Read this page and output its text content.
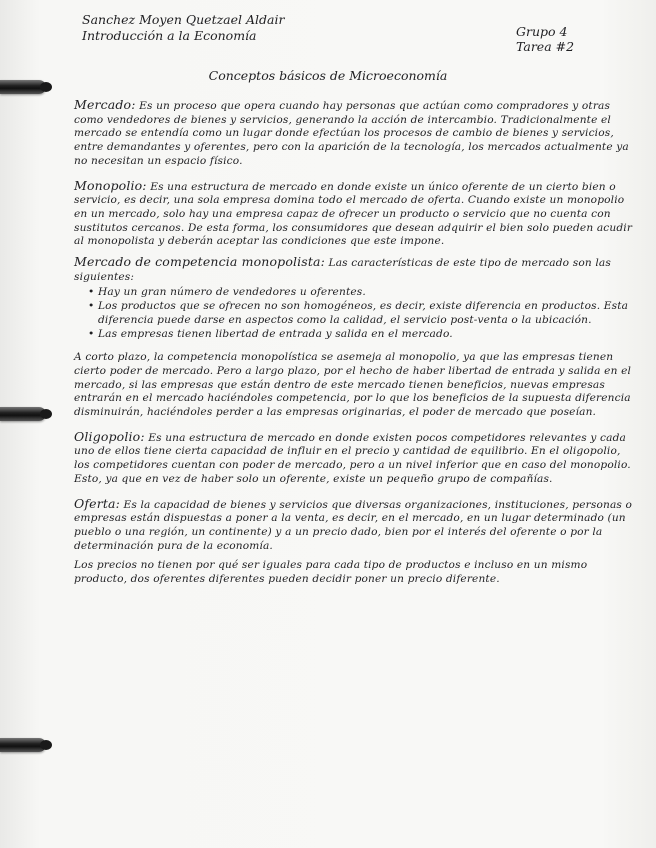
Sanchez Moyen Quetzael Aldair
Introducción a la Economía	Grupo 4
Tarea #2
Conceptos básicos de Microeconomía

Mercado: Es un proceso que opera cuando hay personas que actúan como compradores y otras como vendedores de bienes y servicios, generando la acción de intercambio. Tradicionalmente el mercado se entendía como un lugar donde efectúan los procesos de cambio de bienes y servicios, entre demandantes y oferentes, pero con la aparición de la tecnología, los mercados actualmente ya no necesitan un espacio físico.

Monopolio: Es una estructura de mercado en donde existe un único oferente de un cierto bien o servicio, es decir, una sola empresa domina todo el mercado de oferta. Cuando existe un monopolio en un mercado, solo hay una empresa capaz de ofrecer un producto o servicio que no cuenta con sustitutos cercanos. De esta forma, los consumidores que desean adquirir el bien solo pueden acudir al monopolista y deberán aceptar las condiciones que este impone.

Mercado de competencia monopolista: Las características de este tipo de mercado son las siguientes:

• Hay un gran número de vendedores u oferentes.
• Los productos que se ofrecen no son homogéneos, es decir, existe diferencia en productos. Esta diferencia puede darse en aspectos como la calidad, el servicio post-venta o la ubicación.
• Las empresas tienen libertad de entrada y salida en el mercado.

A corto plazo, la competencia monopolística se asemeja al monopolio, ya que las empresas tienen cierto poder de mercado. Pero a largo plazo, por el hecho de haber libertad de entrada y salida en el mercado, si las empresas que están dentro de este mercado tienen beneficios, nuevas empresas entrarán en el mercado haciéndoles competencia, por lo que los beneficios de la supuesta diferencia disminuirán, haciéndoles perder a las empresas originarias, el poder de mercado que poseían.

Oligopolio: Es una estructura de mercado en donde existen pocos competidores relevantes y cada uno de ellos tiene cierta capacidad de influir en el precio y cantidad de equilibrio. En el oligopolio, los competidores cuentan con poder de mercado, pero a un nivel inferior que en caso del monopolio. Esto, ya que en vez de haber solo un oferente, existe un pequeño grupo de compañías.

Oferta: Es la capacidad de bienes y servicios que diversas organizaciones, instituciones, personas o empresas están dispuestas a poner a la venta, es decir, en el mercado, en un lugar determinado (un pueblo o una región, un continente) y a un precio dado, bien por el interés del oferente o por la determinación pura de la economía.

Los precios no tienen por qué ser iguales para cada tipo de productos e incluso en un mismo producto, dos oferentes diferentes pueden decidir poner un precio diferente.
